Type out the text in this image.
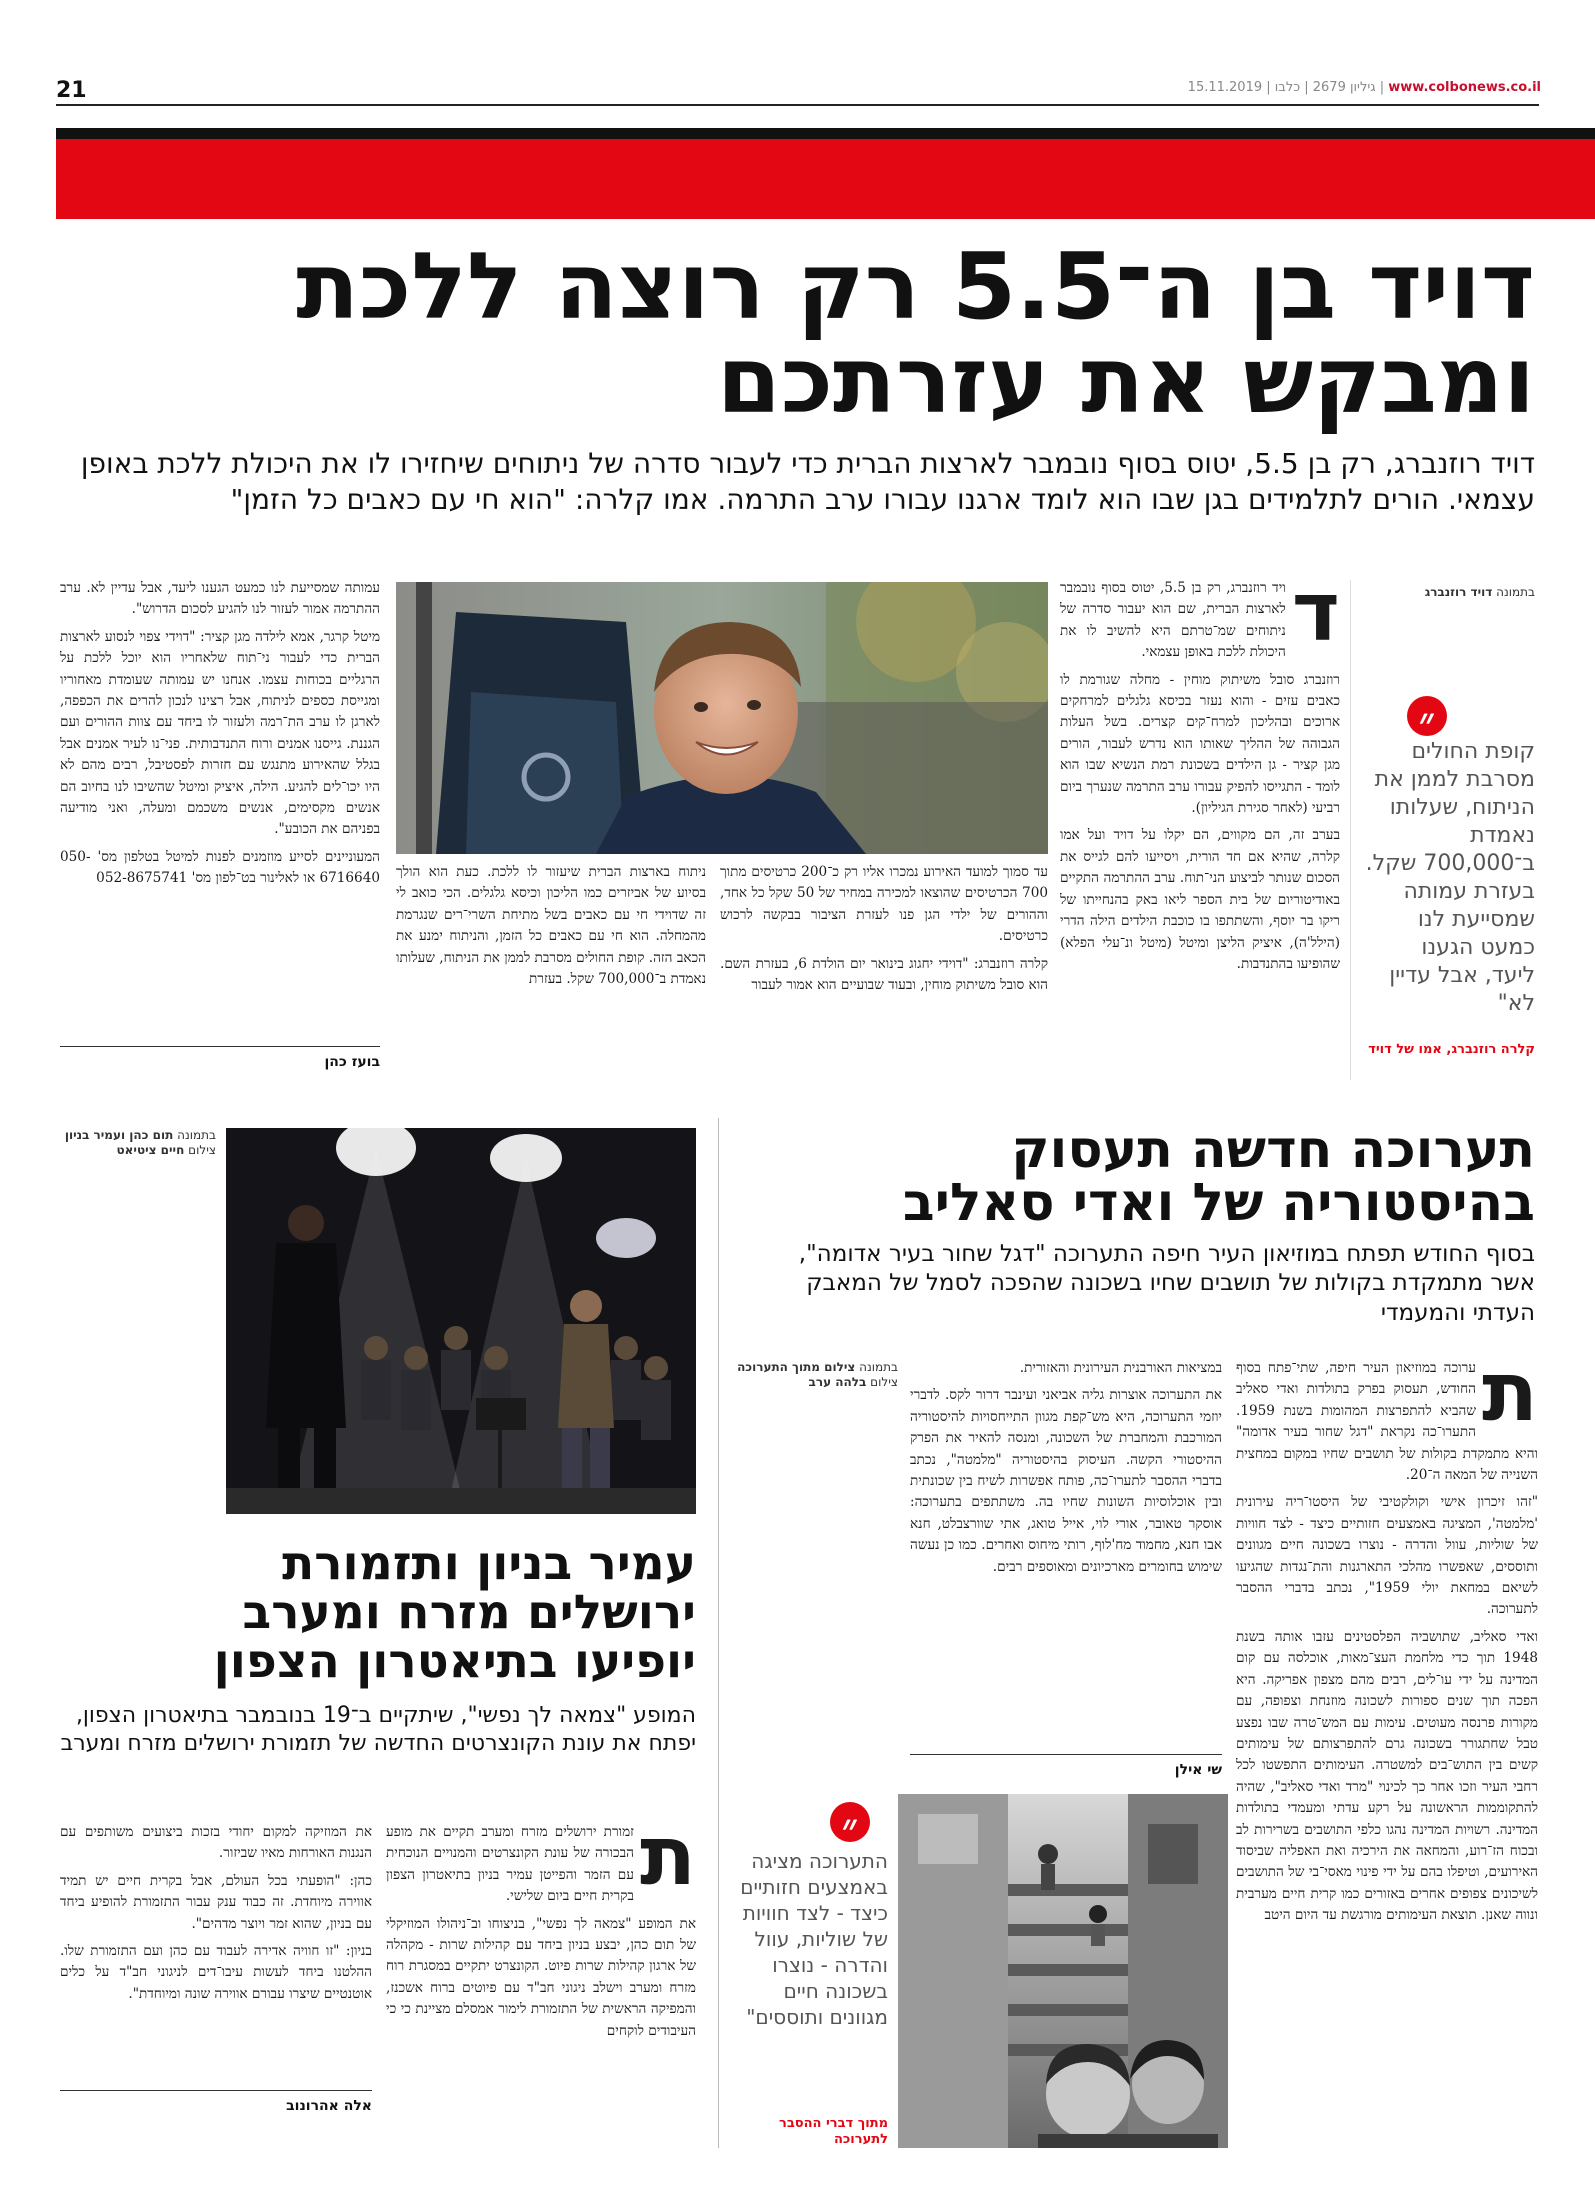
21	15.11.2019 |	גיליון 2679 | כלבו	| www.colbonews.co.il
דויד בן ה־5.5 רק רוצה ללכת
ומבקש את עזרתכם
דויד רוזנברג, רק בן 5.5, יטוס בסוף נובמבר לארצות הברית כדי לעבור סדרה של ניתוחים שיחזירו לו את היכולת ללכת באופן עצמאי. הורים לתלמידים בגן שבו הוא לומד ארגנו עבורו ערב התרמה. אמו קלרה: "הוא חי עם כאבים כל הזמן"
בתמונה דויד רוזנברג
״
קופת החולים מסרבת לממן את הניתוח, שעלותו נאמדת ב־700,000 שקל. בעזרת עמותה שמסייעת לנו כמעט הגענו ליעד, אבל עדיין לא"
קלרה רוזנברג, אמו של דויד
ד

ויד רוזנברג, רק בן 5.5, יטוס בסוף נובמבר לארצות הברית, שם הוא יעבור סדרה של ניתוחים שמ־טרתם היא להשיב לו את היכולת ללכת באופן עצמאי.

רוזנברג סובל משיתוק מוחין - מחלה שגורמת לו כאבים עזים - והוא נעזר בכיסא גלגלים למרחקים ארוכים ובהליכון למרח־קים קצרים. בשל העלות הגבוהה של ההליך שאותו הוא נדרש לעבור, הורים מגן קציר - גן הילדים בשכונת רמת הנשיא שבו הוא לומד - התגייסו להפיק עבורו ערב התרמה שנערך ביום רביעי (לאחר סגירת הגיליון).

בערב זה, הם מקווים, הם יקלו על דויד ועל אמו קלרה, שהיא אם חד הורית, ויסייעו להם לגייס את הסכום שנותר לביצוע הני־תוח. ערב ההתרמה התקיים באודיטוריום של בית הספר ליאו באק בהנחייתו של ריקו בר יוסף, והשתתפו בו כוכבת הילדים הילה הדרי (הילל'ה), איציק הליצן ומיטל (מיטל ונ־עלי הפלא) שהופיעו בהתנדבות.

עד סמוך למועד האירוע נמכרו אליו רק כ־200 כרטיסים מתוך 700 הכרטיסים שהוצאו למכירה במחיר של 50 שקל כל אחד, וההורים של ילדי הגן פנו לעזרת הציבור בבקשה לרכוש כרטיסים.

קלרה רוזנברג: "דוידי יחגוג בינואר יום הולדת 6, בעזרת השם. הוא סובל משיתוק מוחין, ובעוד שבועיים הוא אמור לעבור

ניתוח בארצות הברית שיעזור לו ללכת. כעת הוא הולך בסיוע של אביזרים כמו הליכון וכיסא גלגלים. הכי כואב לי זה שדוידי חי עם כאבים בשל מתיחת השרי־רים שנגרמת מהמחלה. הוא חי עם כאבים כל הזמן, והניתוח ימנע את הכאב הזה. קופת החולים מסרבת לממן את הניתוח, שעלותו נאמדת ב־700,000 שקל. בעזרת

עמותה שמסייעת לנו כמעט הגענו ליעד, אבל עדיין לא. ערב ההתרמה אמור לעזור לנו להגיע לסכום הדרוש".

מיטל קרגר, אמא לילדה מגן קציר: "דוידי צפוי לנסוע לארצות הברית כדי לעבור ני־תוח שלאחריו הוא יוכל ללכת על הרגליים בכוחות עצמו. אנחנו יש עמותה שעומדת מאחוריו ומגייסת כספים לניתוח, אבל רצינו לנכון להרים את הכפפה, לארגן לו ערב הת־רמה ולעזור לו ביחד עם צוות ההורים ועם הגננת. גייסנו אמנים ורוח התנדבותית. פני־נו לעיר אמנים אבל בגלל שהאירוע מתנגש עם חזרות לפסטיבל, רבים מהם לא היו יכו־לים להגיע. הילה, איציק ומיטל שהשיבו לנו בחיוב הם אנשים מקסימים, אנשים משכמם ומעלה, ואני מודיעה בפניהם את הכובע".

המעוניינים לסייע מוזמנים לפנות למיטל בטלפון מס' 050-6716640 או לאלינור בט־לפון מס' 052-8675741

בועז כהן
תערוכה חדשה תעסוק
בהיסטוריה של ואדי סאליב
בסוף החודש תפתח במוזיאון העיר חיפה התערוכה "דגל שחור בעיר אדומה", אשר מתמקדת בקולות של תושבים שחיו בשכונה שהפכה לסמל של המאבק העדתי והמעמדי
ת

ערוכה במוזיאון העיר חיפה, שתי־פתח בסוף החודש, תעסוק בפרק בתולדות ואדי סאליב שהביא להתפרצות המהומות בשנת 1959. התערו־כה נקראת "דגל שחור בעיר אדומה" והיא מתמקדת בקולות של תושבים שחיו במקום במחצית השנייה של המאה ה־20.

"זהו זיכרון אישי וקולקטיבי של היסטו־ריה עירונית 'מלמטה', המציגה באמצעים חזותיים כיצד - לצד חוויות של שוליות, עוול והדרה - נוצרו בשכונה חיים מגוונים ותוססים, שאפשרו מהלכי התארגנות והת־נגדות שהגיעו לשיאם במחאת יולי 1959", נכתב בדברי ההסבר לתערוכה.

ואדי סאליב, שתושביה הפלסטינים עזבו אותה בשנת 1948 תוך כדי מלחמת העצ־מאות, אוכלסה עם קום המדינה על ידי עו־לים, רבים מהם מצפון אפריקה. היא הפכה תוך שנים ספורות לשכונה מוזנחת וצפופה, עם מקורות פרנסה מעוטים. עימות עם המש־טרה שבו נפצע טבל שחתגורר בשכונה גרם להתפרצותם של עימותים קשים בין התוש־בים למשטרה. העימותים התפשטו לכל רחבי העיר וזכו אחר כך לכינוי "מרד ואדי סאליב", שהיה להתקוממות הראשונה על רקע עדתי ומעמדי בתולדות המדינה. רשויות המדינה נהגו כלפי התושבים בשרירות לב ובכוח הז־רוע, והמחאה את הירכיה ואת האפליה שביסוד האירועים, וטיפלו בהם על ידי פינוי מאסי־בי של התושבים לשיכונים צפופים אחרים באזורים כמו קרית חיים מערבית ונווה שאנן. תוצאת העימותים מורגשת עד היום היטב

במציאות האורבנית העירונית והאזורית.

את התערוכה אוצרות גליה אביאני ועינבר דרור לקס. לדברי יוזמי התערוכה, היא מש־קפת מגוון התייחסויות להיסטוריה המורכבת והמחברת של השכונה, ומנסה להאיר את הפרק ההיסטורי הקשה. העיסוק בהיסטוריה "מלמטה", נכתב בדברי ההסבר לתערו־כה, פותח אפשרות לשיח בין שכונתית ובין אוכלוסיות השונות שחיו בה. משתתפים בתערוכה: אוסקר טאובר, אורי לוי, אייל טואג, אתי שוורצבלט, חנא אבו חנא, מחמוד מח'לוף, רותי מיחוס ואחרים. כמו כן נעשה שימוש בחומרים מארכיונים ומאוספים רבים.

שי אילן
בתמונה צילום מתוך התערוכה
צילום בלהה ערב
״
התערוכה מציגה באמצעים חזותיים כיצד - לצד חוויות של שוליות, עוול והדרה - נוצרו בשכונה חיים מגוונים ותוססים"
מתוך דברי ההסבר לתערוכה
בתמונה תום כהן ועמיר בניון
צילום חיים ציטיאט
עמיר בניון ותזמורת
ירושלים מזרח ומערב
יופיעו בתיאטרון הצפון
המופע "צמאה לך נפשי", שיתקיים ב־19 בנובמבר בתיאטרון הצפון, יפתח את עונת הקונצרטים החדשה של תזמורת ירושלים מזרח ומערב
ת

זמורת ירושלים מזרח ומערב תקיים את מופע הבכורה של עונת הקונצרטים והמנויים הנוכחית עם הזמר והפייטן עמיר בניון בתיאטרון הצפון בקרית חיים ביום שלישי.

את המופע "צמאה לך נפשי", בניצוחו וב־ניהולו המוזיקלי של תום כהן, יבצע בניון ביחד עם קהילות שרות - מקהלה של ארגון קהילות שרות פיוט. הקונצרט יתקיים במסגרת רוח מזרח ומערב וישלב ניגוני חב"ד עם פיוטים ברוח אשכנז, והמפיקה הראשית של התזמורת לימור אמסלם מציינת כי כי העיבודים לוקחים

את המוזיקה למקום יחודי בזכות ביצועים משותפים עם הנגנות האורחות מאיו שביזור.

כהן: "הופעתי בכל העולם, אבל בקרית חיים יש תמיד אווירה מיוחדת. זה כבוד ענק עבור התזמורת להופיע ביחד עם בניון, שהוא זמר ויוצר מדהים".

בניון: "זו חוויה אדירה לעבוד עם כהן ועם התזמורת שלו. ההלטנו ביחד לעשות עיבו־דים לניגוני חב"ד על כלים אוטנטיים שיצרו עבורם אווירה שונה ומיוחדת".

אלה אהרונוב
